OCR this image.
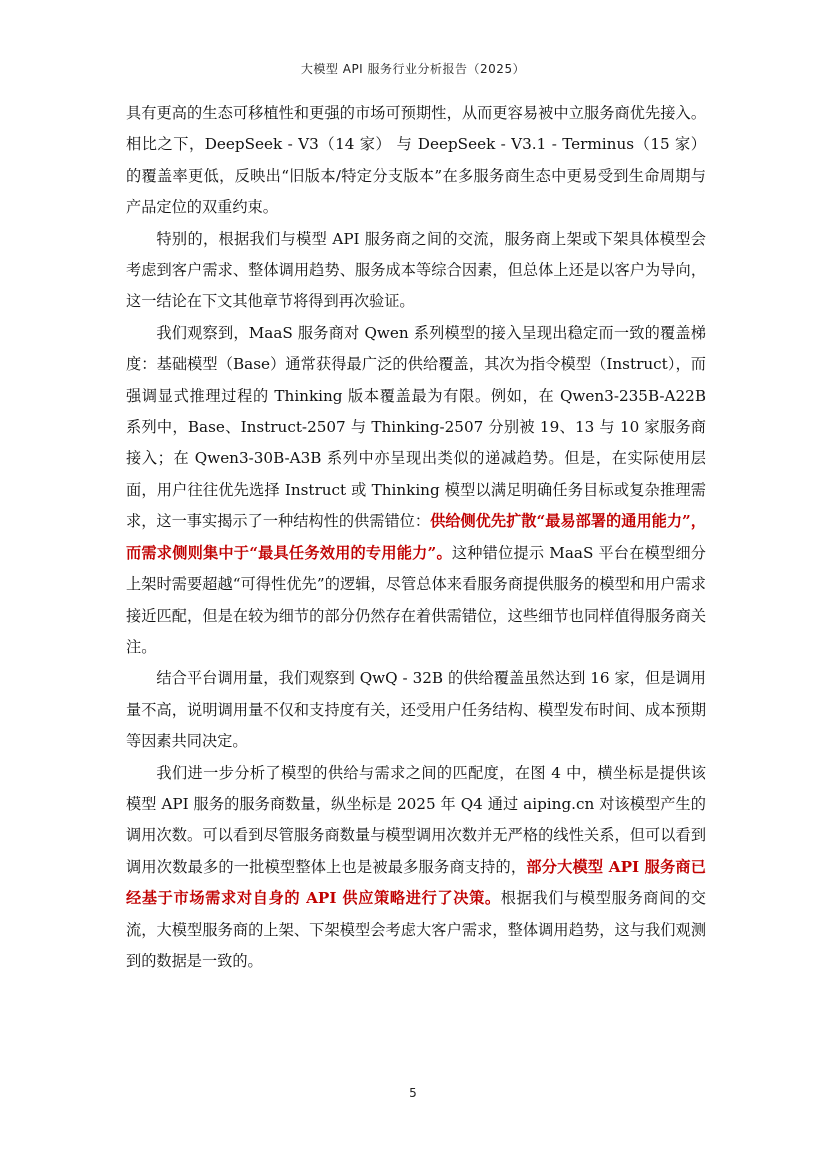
大模型 API 服务行业分析报告（2025）

具有更高的生态可移植性和更强的市场可预期性，从而更容易被中立服务商优先接入。相比之下，DeepSeek - V3（14 家） 与 DeepSeek - V3.1 - Terminus（15 家）的覆盖率更低，反映出“旧版本/特定分支版本”在多服务商生态中更易受到生命周期与产品定位的双重约束。

特别的，根据我们与模型 API 服务商之间的交流，服务商上架或下架具体模型会考虑到客户需求、整体调用趋势、服务成本等综合因素，但总体上还是以客户为导向，这一结论在下文其他章节将得到再次验证。

我们观察到，MaaS 服务商对 Qwen 系列模型的接入呈现出稳定而一致的覆盖梯度：基础模型（Base）通常获得最广泛的供给覆盖，其次为指令模型（Instruct），而强调显式推理过程的 Thinking 版本覆盖最为有限。例如，在 Qwen3-235B-A22B 系列中，Base、Instruct-2507 与 Thinking-2507 分别被 19、13 与 10 家服务商接入；在 Qwen3-30B-A3B 系列中亦呈现出类似的递减趋势。但是，在实际使用层面，用户往往优先选择 Instruct 或 Thinking 模型以满足明确任务目标或复杂推理需求，这一事实揭示了一种结构性的供需错位：供给侧优先扩散“最易部署的通用能力”，而需求侧则集中于“最具任务效用的专用能力”。这种错位提示 MaaS 平台在模型细分上架时需要超越“可得性优先”的逻辑，尽管总体来看服务商提供服务的模型和用户需求接近匹配，但是在较为细节的部分仍然存在着供需错位，这些细节也同样值得服务商关注。

结合平台调用量，我们观察到 QwQ - 32B 的供给覆盖虽然达到 16 家，但是调用量不高，说明调用量不仅和支持度有关，还受用户任务结构、模型发布时间、成本预期等因素共同决定。

我们进一步分析了模型的供给与需求之间的匹配度，在图 4 中，横坐标是提供该模型 API 服务的服务商数量，纵坐标是 2025 年 Q4 通过 aiping.cn 对该模型产生的调用次数。可以看到尽管服务商数量与模型调用次数并无严格的线性关系，但可以看到调用次数最多的一批模型整体上也是被最多服务商支持的，部分大模型 API 服务商已经基于市场需求对自身的 API 供应策略进行了决策。根据我们与模型服务商间的交流，大模型服务商的上架、下架模型会考虑大客户需求，整体调用趋势，这与我们观测到的数据是一致的。

5
